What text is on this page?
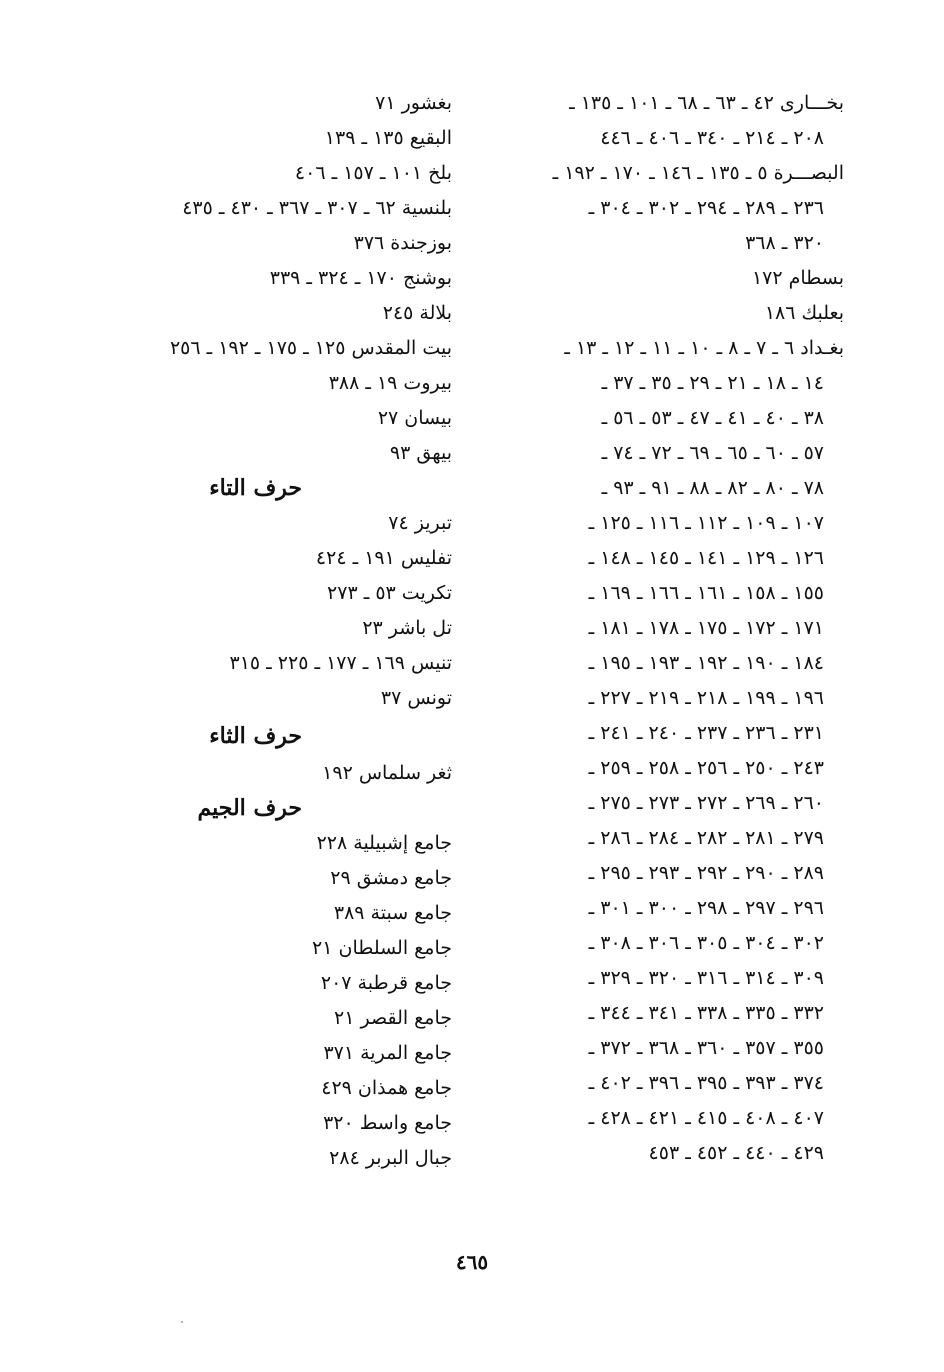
بخـــارى ٤٢ ـ ٦٣ ـ ٦٨ ـ ١٠١ ـ ١٣٥ ـ
٢٠٨ ـ ٢١٤ ـ ٣٤٠ ـ ٤٠٦ ـ ٤٤٦
البصـــرة ٥ ـ ١٣٥ ـ ١٤٦ ـ ١٧٠ ـ ١٩٢ ـ
٢٣٦ ـ ٢٨٩ ـ ٢٩٤ ـ ٣٠٢ ـ ٣٠٤ ـ
٣٢٠ ـ ٣٦٨
بسطام ١٧٢
بعلبك ١٨٦
بغـداد ٦ ـ ٧ ـ ٨ ـ ١٠ ـ ١١ ـ ١٢ ـ ١٣ ـ
١٤ ـ ١٨ ـ ٢١ ـ ٢٩ ـ ٣٥ ـ ٣٧ ـ
٣٨ ـ ٤٠ ـ ٤١ ـ ٤٧ ـ ٥٣ ـ ٥٦ ـ
٥٧ ـ ٦٠ ـ ٦٥ ـ ٦٩ ـ ٧٢ ـ ٧٤ ـ
٧٨ ـ ٨٠ ـ ٨٢ ـ ٨٨ ـ ٩١ ـ ٩٣ ـ
١٠٧ ـ ١٠٩ ـ ١١٢ ـ ١١٦ ـ ١٢٥ ـ
١٢٦ ـ ١٢٩ ـ ١٤١ ـ ١٤٥ ـ ١٤٨ ـ
١٥٥ ـ ١٥٨ ـ ١٦١ ـ ١٦٦ ـ ١٦٩ ـ
١٧١ ـ ١٧٢ ـ ١٧٥ ـ ١٧٨ ـ ١٨١ ـ
١٨٤ ـ ١٩٠ ـ ١٩٢ ـ ١٩٣ ـ ١٩٥ ـ
١٩٦ ـ ١٩٩ ـ ٢١٨ ـ ٢١٩ ـ ٢٢٧ ـ
٢٣١ ـ ٢٣٦ ـ ٢٣٧ ـ ٢٤٠ ـ ٢٤١ ـ
٢٤٣ ـ ٢٥٠ ـ ٢٥٦ ـ ٢٥٨ ـ ٢٥٩ ـ
٢٦٠ ـ ٢٦٩ ـ ٢٧٢ ـ ٢٧٣ ـ ٢٧٥ ـ
٢٧٩ ـ ٢٨١ ـ ٢٨٢ ـ ٢٨٤ ـ ٢٨٦ ـ
٢٨٩ ـ ٢٩٠ ـ ٢٩٢ ـ ٢٩٣ ـ ٢٩٥ ـ
٢٩٦ ـ ٢٩٧ ـ ٢٩٨ ـ ٣٠٠ ـ ٣٠١ ـ
٣٠٢ ـ ٣٠٤ ـ ٣٠٥ ـ ٣٠٦ ـ ٣٠٨ ـ
٣٠٩ ـ ٣١٤ ـ ٣١٦ ـ ٣٢٠ ـ ٣٢٩ ـ
٣٣٢ ـ ٣٣٥ ـ ٣٣٨ ـ ٣٤١ ـ ٣٤٤ ـ
٣٥٥ ـ ٣٥٧ ـ ٣٦٠ ـ ٣٦٨ ـ ٣٧٢ ـ
٣٧٤ ـ ٣٩٣ ـ ٣٩٥ ـ ٣٩٦ ـ ٤٠٢ ـ
٤٠٧ ـ ٤٠٨ ـ ٤١٥ ـ ٤٢١ ـ ٤٢٨ ـ
٤٢٩ ـ ٤٤٠ ـ ٤٥٢ ـ ٤٥٣
بغشور ٧١
البقيع ١٣٥ ـ ١٣٩
بلخ ١٠١ ـ ١٥٧ ـ ٤٠٦
بلنسية ٦٢ ـ ٣٠٧ ـ ٣٦٧ ـ ٤٣٠ ـ ٤٣٥
بوزجندة ٣٧٦
بوشنج ١٧٠ ـ ٣٢٤ ـ ٣٣٩
بلالة ٢٤٥
بيت المقدس ١٢٥ ـ ١٧٥ ـ ١٩٢ ـ ٢٥٦
بيروت ١٩ ـ ٣٨٨
بيسان ٢٧
بيهق ٩٣
حرف التاء
تبريز ٧٤
تفليس ١٩١ ـ ٤٢٤
تكريت ٥٣ ـ ٢٧٣
تل باشر ٢٣
تنيس ١٦٩ ـ ١٧٧ ـ ٢٢٥ ـ ٣١٥
تونس ٣٧
حرف الثاء
ثغر سلماس ١٩٢
حرف الجيم
جامع إشبيلية ٢٢٨
جامع دمشق ٢٩
جامع سبتة ٣٨٩
جامع السلطان ٢١
جامع قرطبة ٢٠٧
جامع القصر ٢١
جامع المرية ٣٧١
جامع همذان ٤٢٩
جامع واسط ٣٢٠
جبال البربر ٢٨٤
٤٦٥
